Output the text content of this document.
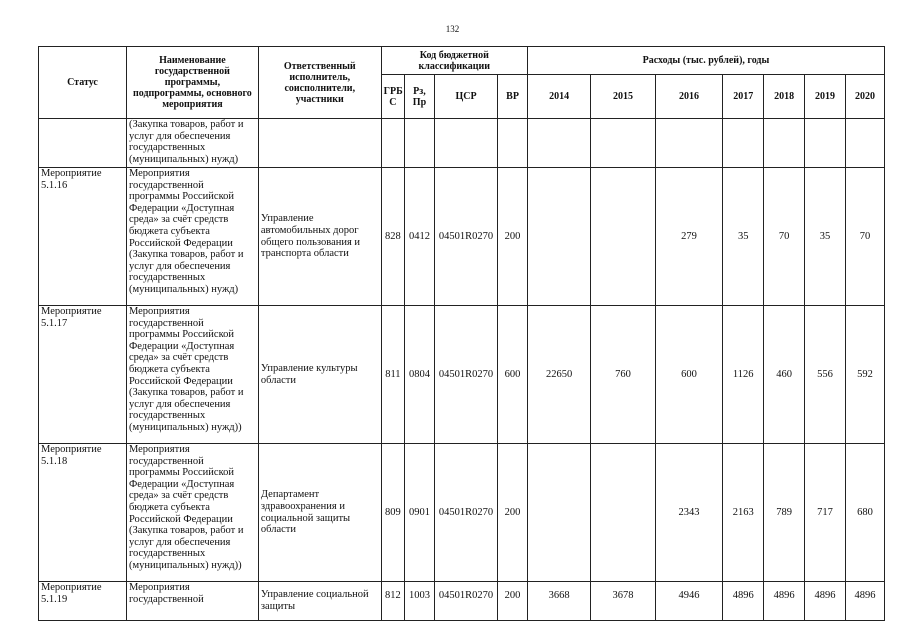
132
Статус	Наименование государственной программы, подпрограммы, основного мероприятия	Ответственный исполнитель, соисполнители, участники	Код бюджетной классификации				Расходы (тыс. рублей), годы						
			ГРБ С	Рз, Пр	ЦСР	ВР	2014	2015	2016	2017	2018	2019	2020
	(Закупка товаров, работ и услуг для обеспечения государственных (муниципальных) нужд)												
Мероприятие 5.1.16	Мероприятия государственной программы Российской Федерации «Доступная среда» за счёт средств бюджета субъекта Российской Федерации (Закупка товаров, работ и услуг для обеспечения государственных (муниципальных) нужд)	Управление автомобильных дорог общего пользования и транспорта области	828	0412	04501R0270	200			279	35	70	35	70
Мероприятие 5.1.17	Мероприятия государственной программы Российской Федерации «Доступная среда» за счёт средств бюджета субъекта Российской Федерации (Закупка товаров, работ и услуг для обеспечения государственных (муниципальных) нужд))	Управление культуры области	811	0804	04501R0270	600	22650	760	600	1126	460	556	592
Мероприятие 5.1.18	Мероприятия государственной программы Российской Федерации «Доступная среда» за счёт средств бюджета субъекта Российской Федерации (Закупка товаров, работ и услуг для обеспечения государственных (муниципальных) нужд))	Департамент здравоохранения и социальной защиты области	809	0901	04501R0270	200			2343	2163	789	717	680
Мероприятие 5.1.19	Мероприятия государственной	Управление социальной защиты	812	1003	04501R0270	200	3668	3678	4946	4896	4896	4896	4896
